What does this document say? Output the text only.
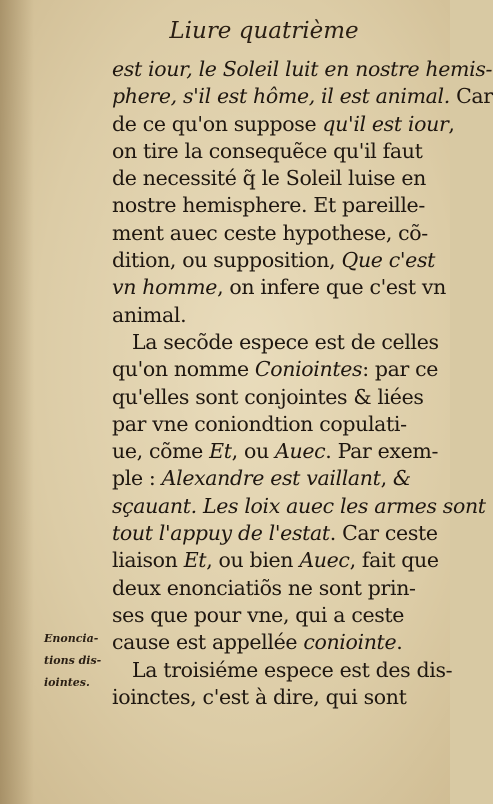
Liure quatrième
est iour, le Soleil luit en nostre hemis-
phere, s'il est hôme, il est animal. Car
de ce qu'on suppose qu'il est iour,
on tire la consequẽce qu'il faut
de necessité q̃ le Soleil luise en
nostre hemisphere. Et pareille-
ment auec ceste hypothese, cõ-
dition, ou supposition, Que c'est
vn homme, on infere que c'est vn
animal.
La secõde espece est de celles
qu'on nomme Coniointes: par ce
qu'elles sont conjointes & liées
par vne coniondtion copulati-
ue, cõme Et, ou Auec. Par exem-
ple : Alexandre est vaillant, &
sçauant. Les loix auec les armes sont
tout l'appuy de l'estat. Car ceste
liaison Et, ou bien Auec, fait que
deux enonciatiõs ne sont prin-
ses que pour vne, qui a ceste
cause est appellée coniointe.
La troisiéme espece est des dis-
ioinctes, c'est à dire, qui sont
Enoncia-
tions dis-
iointes.
